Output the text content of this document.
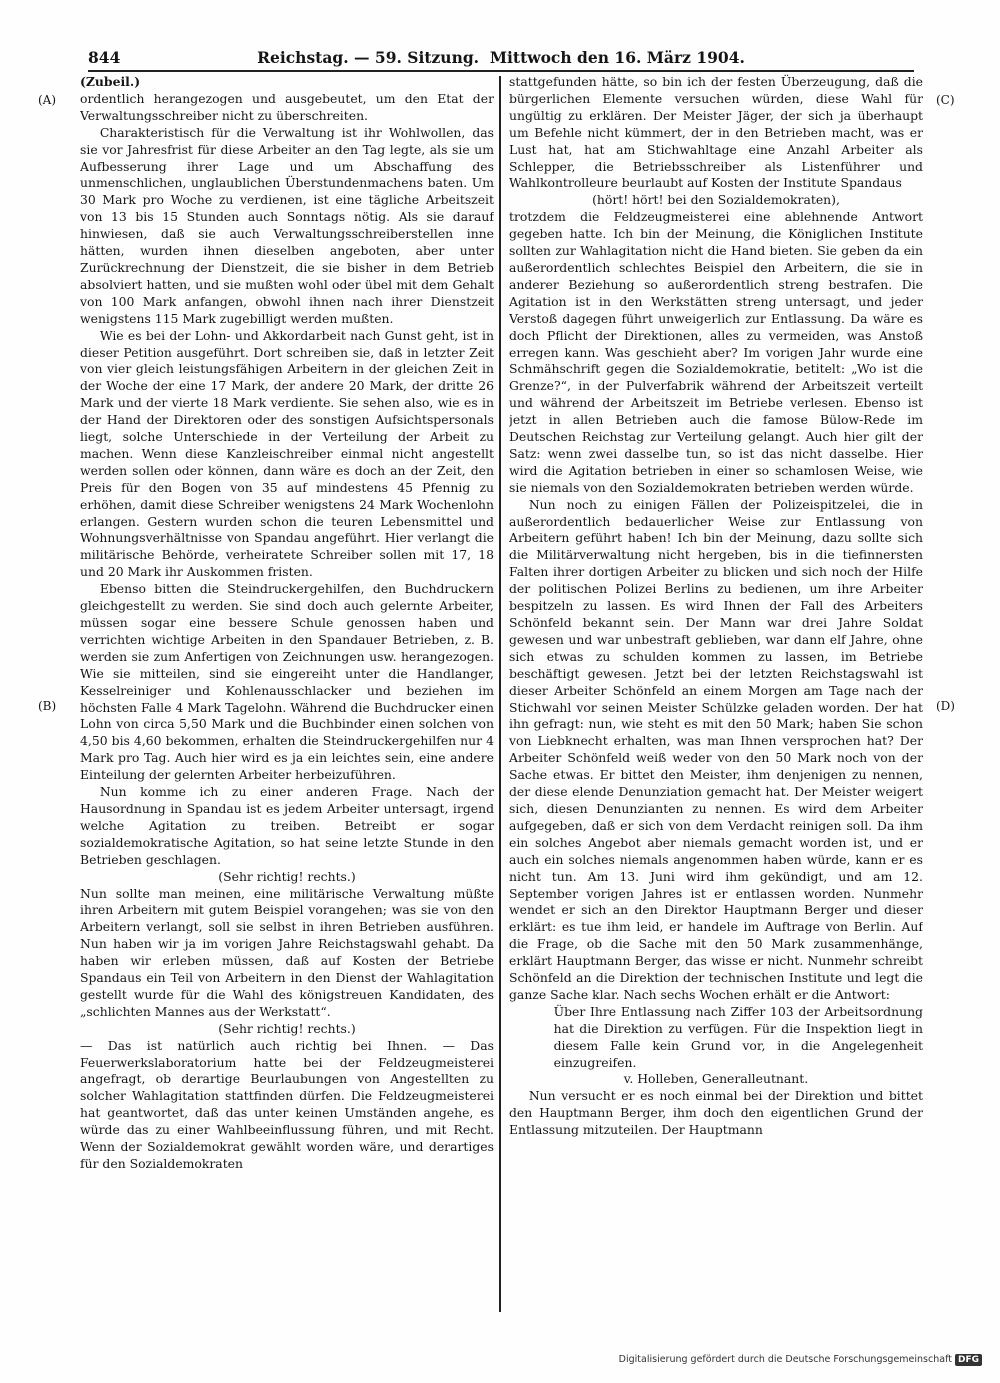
844	Reichstag. — 59. Sitzung. Mittwoch den 16. März 1904.
(A)
(B)
(C)
(D)

(Zubeil.)

ordentlich herangezogen und ausgebeutet, um den Etat der Verwaltungsschreiber nicht zu überschreiten.

Charakteristisch für die Verwaltung ist ihr Wohlwollen, das sie vor Jahresfrist für diese Arbeiter an den Tag legte, als sie um Aufbesserung ihrer Lage und um Abschaffung des unmenschlichen, unglaublichen Überstundenmachens baten. Um 30 Mark pro Woche zu verdienen, ist eine tägliche Arbeitszeit von 13 bis 15 Stunden auch Sonntags nötig. Als sie darauf hinwiesen, daß sie auch Verwaltungsschreiberstellen inne hätten, wurden ihnen dieselben angeboten, aber unter Zurückrechnung der Dienstzeit, die sie bisher in dem Betrieb absolviert hatten, und sie mußten wohl oder übel mit dem Gehalt von 100 Mark anfangen, obwohl ihnen nach ihrer Dienstzeit wenigstens 115 Mark zugebilligt werden mußten.

Wie es bei der Lohn- und Akkordarbeit nach Gunst geht, ist in dieser Petition ausgeführt. Dort schreiben sie, daß in letzter Zeit von vier gleich leistungsfähigen Arbeitern in der gleichen Zeit in der Woche der eine 17 Mark, der andere 20 Mark, der dritte 26 Mark und der vierte 18 Mark verdiente. Sie sehen also, wie es in der Hand der Direktoren oder des sonstigen Aufsichtspersonals liegt, solche Unterschiede in der Verteilung der Arbeit zu machen. Wenn diese Kanzleischreiber einmal nicht angestellt werden sollen oder können, dann wäre es doch an der Zeit, den Preis für den Bogen von 35 auf mindestens 45 Pfennig zu erhöhen, damit diese Schreiber wenigstens 24 Mark Wochenlohn erlangen. Gestern wurden schon die teuren Lebensmittel und Wohnungsverhältnisse von Spandau angeführt. Hier verlangt die militärische Behörde, verheiratete Schreiber sollen mit 17, 18 und 20 Mark ihr Auskommen fristen.

Ebenso bitten die Steindruckergehilfen, den Buchdruckern gleichgestellt zu werden. Sie sind doch auch gelernte Arbeiter, müssen sogar eine bessere Schule genossen haben und verrichten wichtige Arbeiten in den Spandauer Betrieben, z. B. werden sie zum Anfertigen von Zeichnungen usw. herangezogen. Wie sie mitteilen, sind sie eingereiht unter die Handlanger, Kesselreiniger und Kohlenausschlacker und beziehen im höchsten Falle 4 Mark Tagelohn. Während die Buchdrucker einen Lohn von circa 5,50 Mark und die Buchbinder einen solchen von 4,50 bis 4,60 bekommen, erhalten die Steindruckergehilfen nur 4 Mark pro Tag. Auch hier wird es ja ein leichtes sein, eine andere Einteilung der gelernten Arbeiter herbeizuführen.

Nun komme ich zu einer anderen Frage. Nach der Hausordnung in Spandau ist es jedem Arbeiter untersagt, irgend welche Agitation zu treiben. Betreibt er sogar sozialdemokratische Agitation, so hat seine letzte Stunde in den Betrieben geschlagen.

(Sehr richtig! rechts.)

Nun sollte man meinen, eine militärische Verwaltung müßte ihren Arbeitern mit gutem Beispiel vorangehen; was sie von den Arbeitern verlangt, soll sie selbst in ihren Betrieben ausführen. Nun haben wir ja im vorigen Jahre Reichstagswahl gehabt. Da haben wir erleben müssen, daß auf Kosten der Betriebe Spandaus ein Teil von Arbeitern in den Dienst der Wahlagitation gestellt wurde für die Wahl des königstreuen Kandidaten, des „schlichten Mannes aus der Werkstatt“.

(Sehr richtig! rechts.)

— Das ist natürlich auch richtig bei Ihnen. — Das Feuerwerkslaboratorium hatte bei der Feldzeugmeisterei angefragt, ob derartige Beurlaubungen von Angestellten zu solcher Wahlagitation stattfinden dürfen. Die Feldzeugmeisterei hat geantwortet, daß das unter keinen Umständen angehe, es würde das zu einer Wahlbeeinflussung führen, und mit Recht. Wenn der Sozialdemokrat gewählt worden wäre, und derartiges für den Sozialdemokraten

stattgefunden hätte, so bin ich der festen Überzeugung, daß die bürgerlichen Elemente versuchen würden, diese Wahl für ungültig zu erklären. Der Meister Jäger, der sich ja überhaupt um Befehle nicht kümmert, der in den Betrieben macht, was er Lust hat, hat am Stichwahltage eine Anzahl Arbeiter als Schlepper, die Betriebsschreiber als Listenführer und Wahlkontrolleure beurlaubt auf Kosten der Institute Spandaus

(hört! hört! bei den Sozialdemokraten),

trotzdem die Feldzeugmeisterei eine ablehnende Antwort gegeben hatte. Ich bin der Meinung, die Königlichen Institute sollten zur Wahlagitation nicht die Hand bieten. Sie geben da ein außerordentlich schlechtes Beispiel den Arbeitern, die sie in anderer Beziehung so außerordentlich streng bestrafen. Die Agitation ist in den Werkstätten streng untersagt, und jeder Verstoß dagegen führt unweigerlich zur Entlassung. Da wäre es doch Pflicht der Direktionen, alles zu vermeiden, was Anstoß erregen kann. Was geschieht aber? Im vorigen Jahr wurde eine Schmähschrift gegen die Sozialdemokratie, betitelt: „Wo ist die Grenze?“, in der Pulverfabrik während der Arbeitszeit verteilt und während der Arbeitszeit im Betriebe verlesen. Ebenso ist jetzt in allen Betrieben auch die famose Bülow-Rede im Deutschen Reichstag zur Verteilung gelangt. Auch hier gilt der Satz: wenn zwei dasselbe tun, so ist das nicht dasselbe. Hier wird die Agitation betrieben in einer so schamlosen Weise, wie sie niemals von den Sozialdemokraten betrieben werden würde.

Nun noch zu einigen Fällen der Polizeispitzelei, die in außerordentlich bedauerlicher Weise zur Entlassung von Arbeitern geführt haben! Ich bin der Meinung, dazu sollte sich die Militärverwaltung nicht hergeben, bis in die tiefinnersten Falten ihrer dortigen Arbeiter zu blicken und sich noch der Hilfe der politischen Polizei Berlins zu bedienen, um ihre Arbeiter bespitzeln zu lassen. Es wird Ihnen der Fall des Arbeiters Schönfeld bekannt sein. Der Mann war drei Jahre Soldat gewesen und war unbestraft geblieben, war dann elf Jahre, ohne sich etwas zu schulden kommen zu lassen, im Betriebe beschäftigt gewesen. Jetzt bei der letzten Reichstagswahl ist dieser Arbeiter Schönfeld an einem Morgen am Tage nach der Stichwahl vor seinen Meister Schülzke geladen worden. Der hat ihn gefragt: nun, wie steht es mit den 50 Mark; haben Sie schon von Liebknecht erhalten, was man Ihnen versprochen hat? Der Arbeiter Schönfeld weiß weder von den 50 Mark noch von der Sache etwas. Er bittet den Meister, ihm denjenigen zu nennen, der diese elende Denunziation gemacht hat. Der Meister weigert sich, diesen Denunzianten zu nennen. Es wird dem Arbeiter aufgegeben, daß er sich von dem Verdacht reinigen soll. Da ihm ein solches Angebot aber niemals gemacht worden ist, und er auch ein solches niemals angenommen haben würde, kann er es nicht tun. Am 13. Juni wird ihm gekündigt, und am 12. September vorigen Jahres ist er entlassen worden. Nunmehr wendet er sich an den Direktor Hauptmann Berger und dieser erklärt: es tue ihm leid, er handele im Auftrage von Berlin. Auf die Frage, ob die Sache mit den 50 Mark zusammenhänge, erklärt Hauptmann Berger, das wisse er nicht. Nunmehr schreibt Schönfeld an die Direktion der technischen Institute und legt die ganze Sache klar. Nach sechs Wochen erhält er die Antwort:

Über Ihre Entlassung nach Ziffer 103 der Arbeitsordnung hat die Direktion zu verfügen. Für die Inspektion liegt in diesem Falle kein Grund vor, in die Angelegenheit einzugreifen.

v. Holleben, Generalleutnant.

Nun versucht er es noch einmal bei der Direktion und bittet den Hauptmann Berger, ihm doch den eigentlichen Grund der Entlassung mitzuteilen. Der Hauptmann

Digitalisierung gefördert durch die Deutsche Forschungsgemeinschaft DFG
